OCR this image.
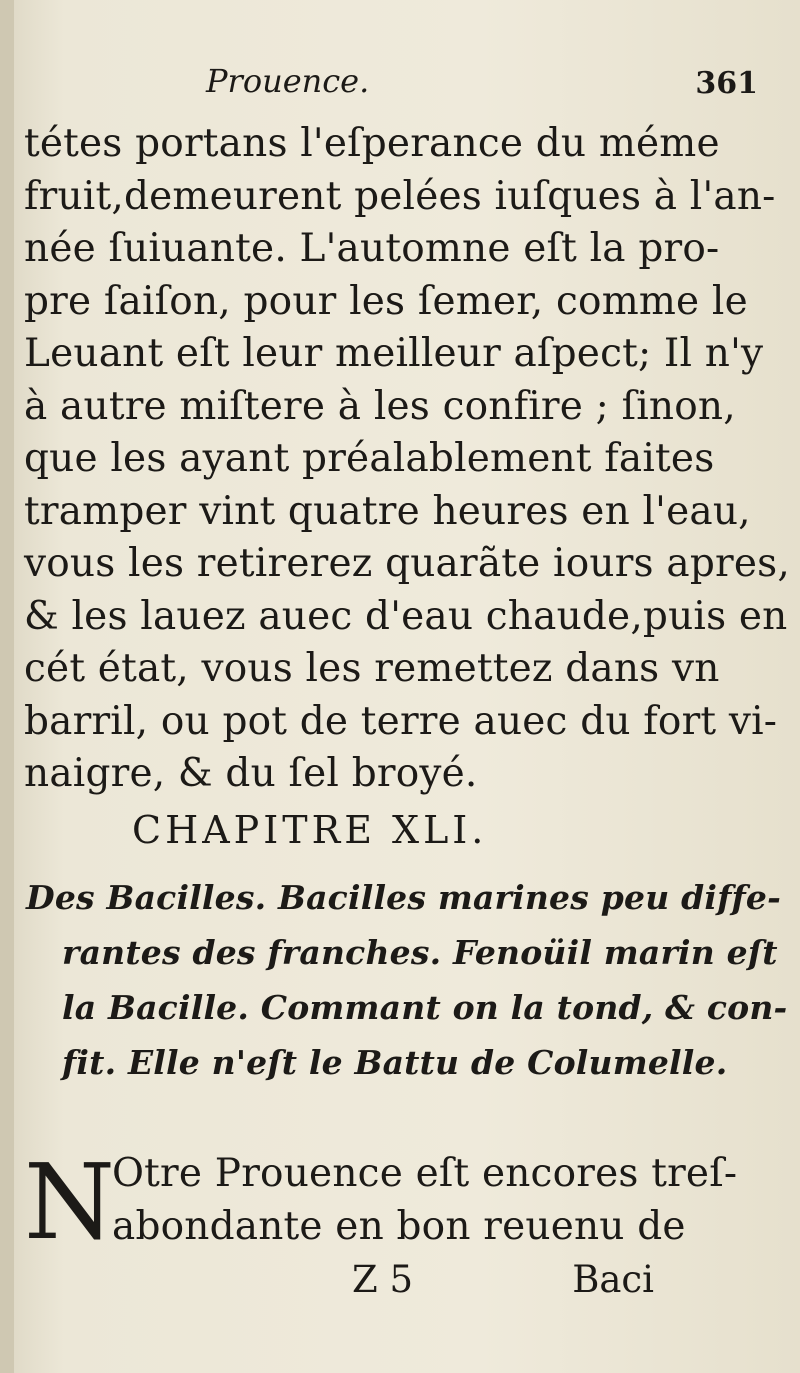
Prouence.	361
tétes portans l'eſperance du méme
fruit,demeurent pelées iuſques à l'an-
née ſuiuante. L'automne eſt la pro-
pre ſaiſon, pour les ſemer, comme le
Leuant eſt leur meilleur aſpect; Il n'y
à autre miſtere à les confire ; ſinon,
que les ayant préalablement faites
tramper vint quatre heures en l'eau,
vous les retirerez quarãte iours apres,
& les lauez auec d'eau chaude,puis en
cét état, vous les remettez dans vn
barril, ou pot de terre auec du fort vi-
naigre, & du ſel broyé.
CHAPITRE XLI.
Des Bacilles. Bacilles marines peu diffe-
rantes des franches. Fenoüil marin eſt
la Bacille. Commant on la tond, & con-
fit. Elle n'eſt le Battu de Columelle.
N
Otre Prouence eſt encores treſ-
abondante en bon reuenu de
Z 5	Baci
